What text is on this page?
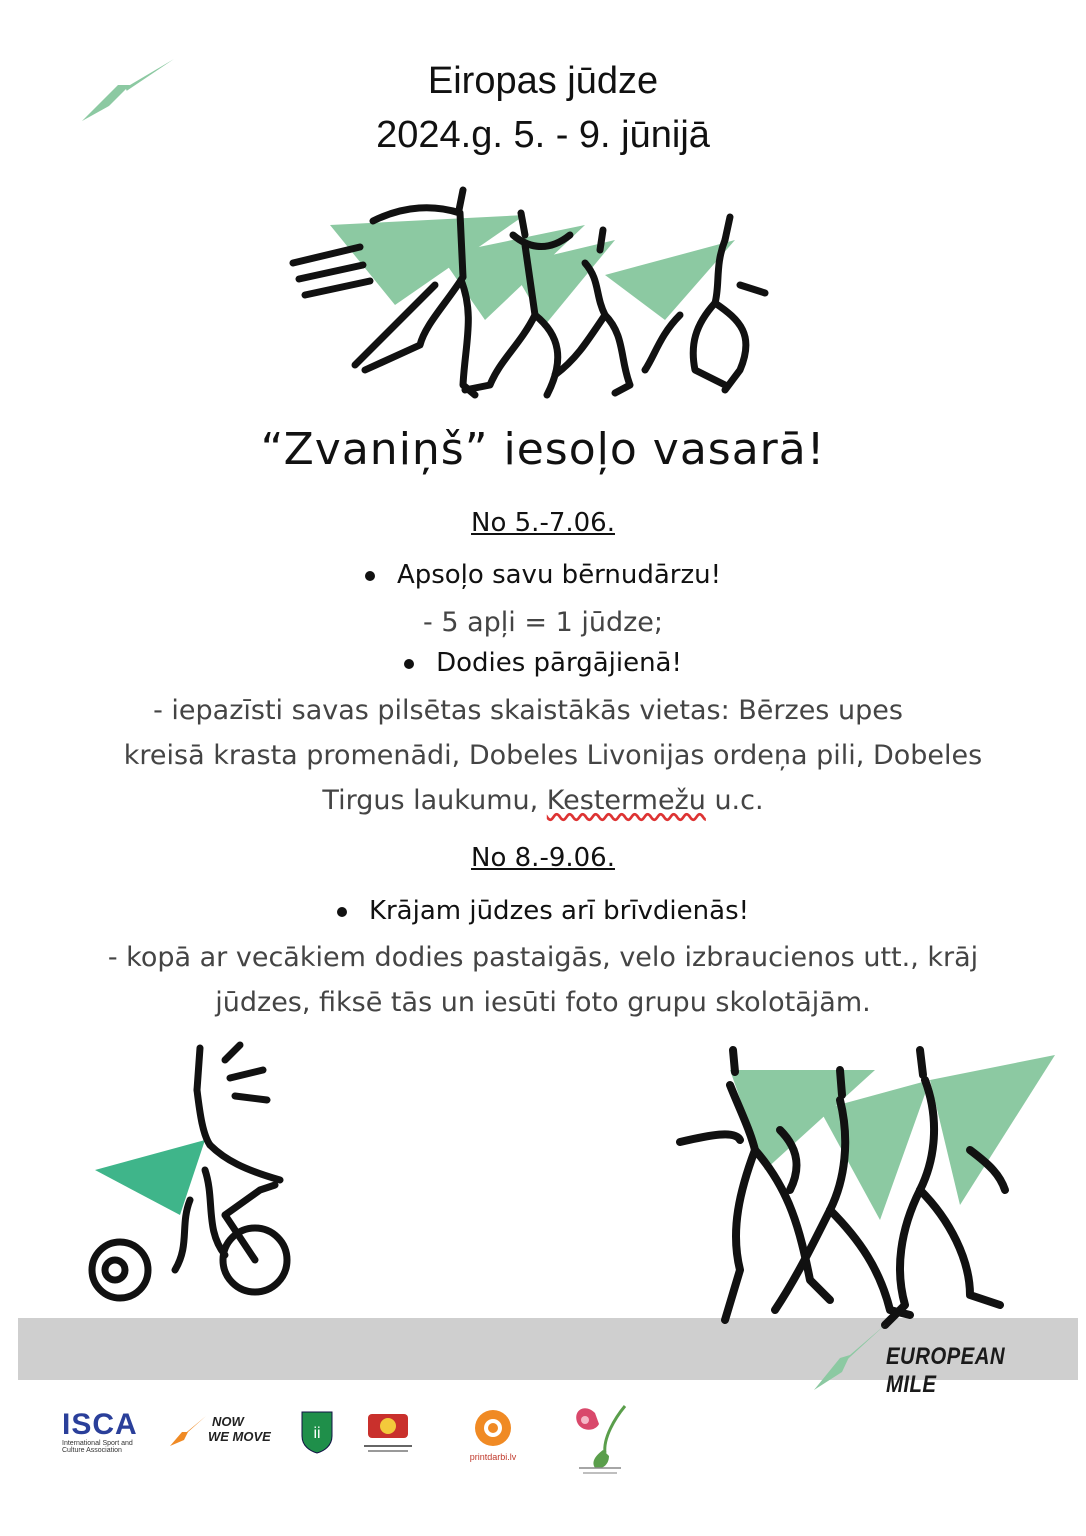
Eiropas jūdze
2024.g. 5. - 9. jūnijā
“Zvaniņš” iesoļo vasarā!
No 5.-7.06.
Apsoļo savu bērnudārzu!
- 5 apļi = 1 jūdze;
Dodies pārgājienā!
- iepazīsti savas pilsētas skaistākās vietas: Bērzes upes
kreisā krasta promenādi, Dobeles Livonijas ordeņa pili, Dobeles
Tirgus laukumu, Kestermežu u.c.
No 8.-9.06.
Krājam jūdzes arī brīvdienās!
- kopā ar vecākiem dodies pastaigās, velo izbraucienos utt., krāj
jūdzes, fiksē tās un iesūti foto grupu skolotājām.
EUROPEAN MILE
ISCA
International Sport and
Culture Association
NOW
WE MOVE	ii
printdarbi.lv
